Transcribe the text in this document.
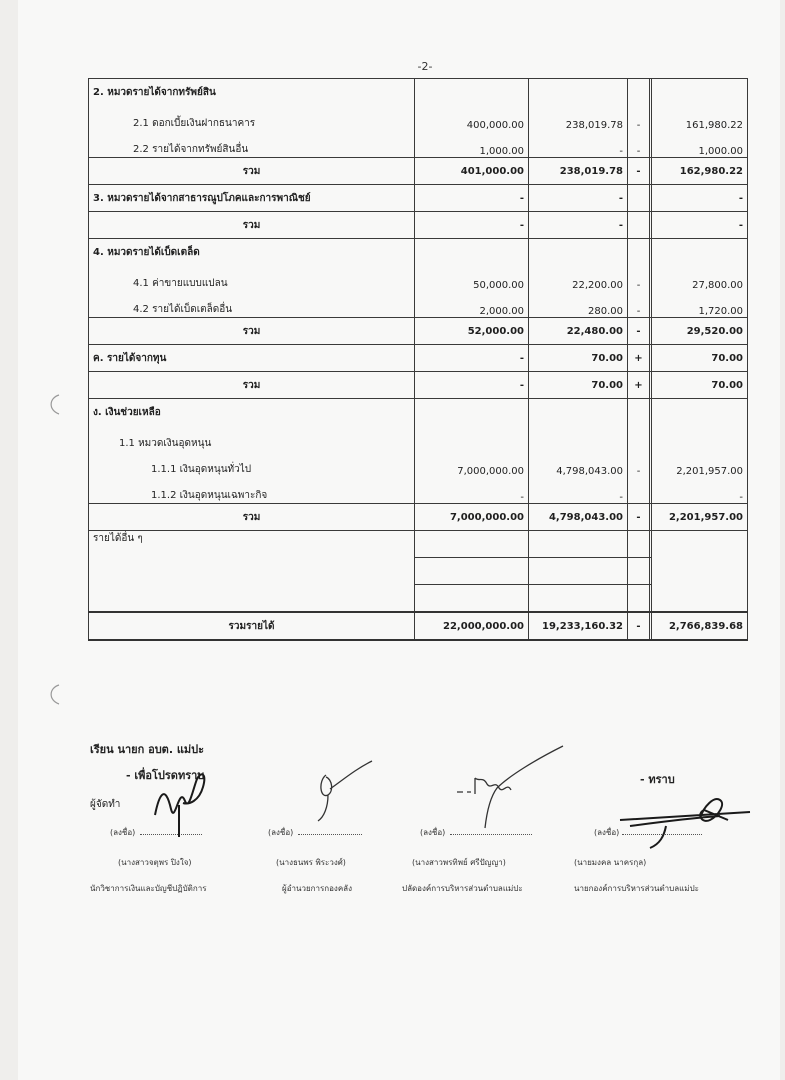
-2-
2. หมวดรายได้จากทรัพย์สิน					
2.1 ดอกเบี้ยเงินฝากธนาคาร	400,000.00	238,019.78	-		161,980.22
2.2 รายได้จากทรัพย์สินอื่น	1,000.00	-	-		1,000.00
รวม	401,000.00	238,019.78	-		162,980.22
3. หมวดรายได้จากสาธารณูปโภคและการพาณิชย์	-	-			-
รวม	-	-			-
4. หมวดรายได้เบ็ดเตล็ด					
4.1 ค่าขายแบบแปลน	50,000.00	22,200.00	-		27,800.00
4.2 รายได้เบ็ดเตล็ดอื่น	2,000.00	280.00	-		1,720.00
รวม	52,000.00	22,480.00	-		29,520.00
ค. รายได้จากทุน	-	70.00	+		70.00
รวม	-	70.00	+		70.00
ง. เงินช่วยเหลือ					
1.1 หมวดเงินอุดหนุน					
1.1.1 เงินอุดหนุนทั่วไป	7,000,000.00	4,798,043.00	-		2,201,957.00
1.1.2 เงินอุดหนุนเฉพาะกิจ	-	-			-
รวม	7,000,000.00	4,798,043.00	-		2,201,957.00
รายได้อื่น ๆ					

รวมรายได้	22,000,000.00	19,233,160.32	-		2,766,839.68
เรียน นายก อบต. แม่ปะ
- เพื่อโปรดทราบ	- ทราบ
ผู้จัดทำ
(ลงชื่อ)
(นางสาวจตุพร ปิงใจ)
นักวิชาการเงินและบัญชีปฏิบัติการ
(ลงชื่อ)
(นางธนพร พิระวงศ์)
ผู้อำนวยการกองคลัง
(ลงชื่อ)
(นางสาวพรทิพย์ ศรีปัญญา)
ปลัดองค์การบริหารส่วนตำบลแม่ปะ
(ลงชื่อ)
(นายมงคล นาครกุล)
นายกองค์การบริหารส่วนตำบลแม่ปะ
